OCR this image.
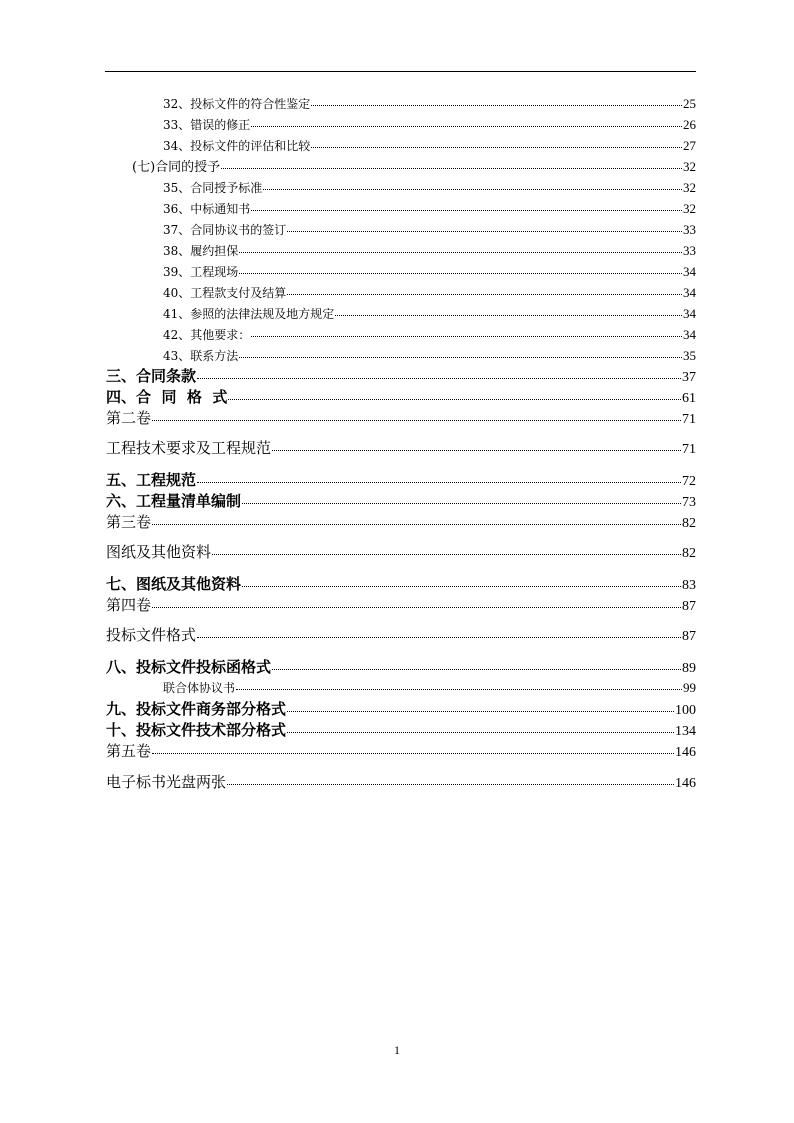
32、投标文件的符合性鉴定	25
33、错误的修正	26
34、投标文件的评估和比较	27
(七)合同的授予	32
35、合同授予标准	32
36、中标通知书	32
37、合同协议书的签订	33
38、履约担保	33
39、工程现场	34
40、工程款支付及结算	34
41、参照的法律法规及地方规定	34
42、其他要求：	34
43、联系方法	35
三、合同条款	37
四、合  同  格  式	61
第二卷	71
工程技术要求及工程规范	71
五、工程规范	72
六、工程量清单编制	73
第三卷	82
图纸及其他资料	82
七、图纸及其他资料	83
第四卷	87
投标文件格式	87
八、投标文件投标函格式	89
联合体协议书	99
九、投标文件商务部分格式	100
十、投标文件技术部分格式	134
第五卷	146
电子标书光盘两张	146
1
